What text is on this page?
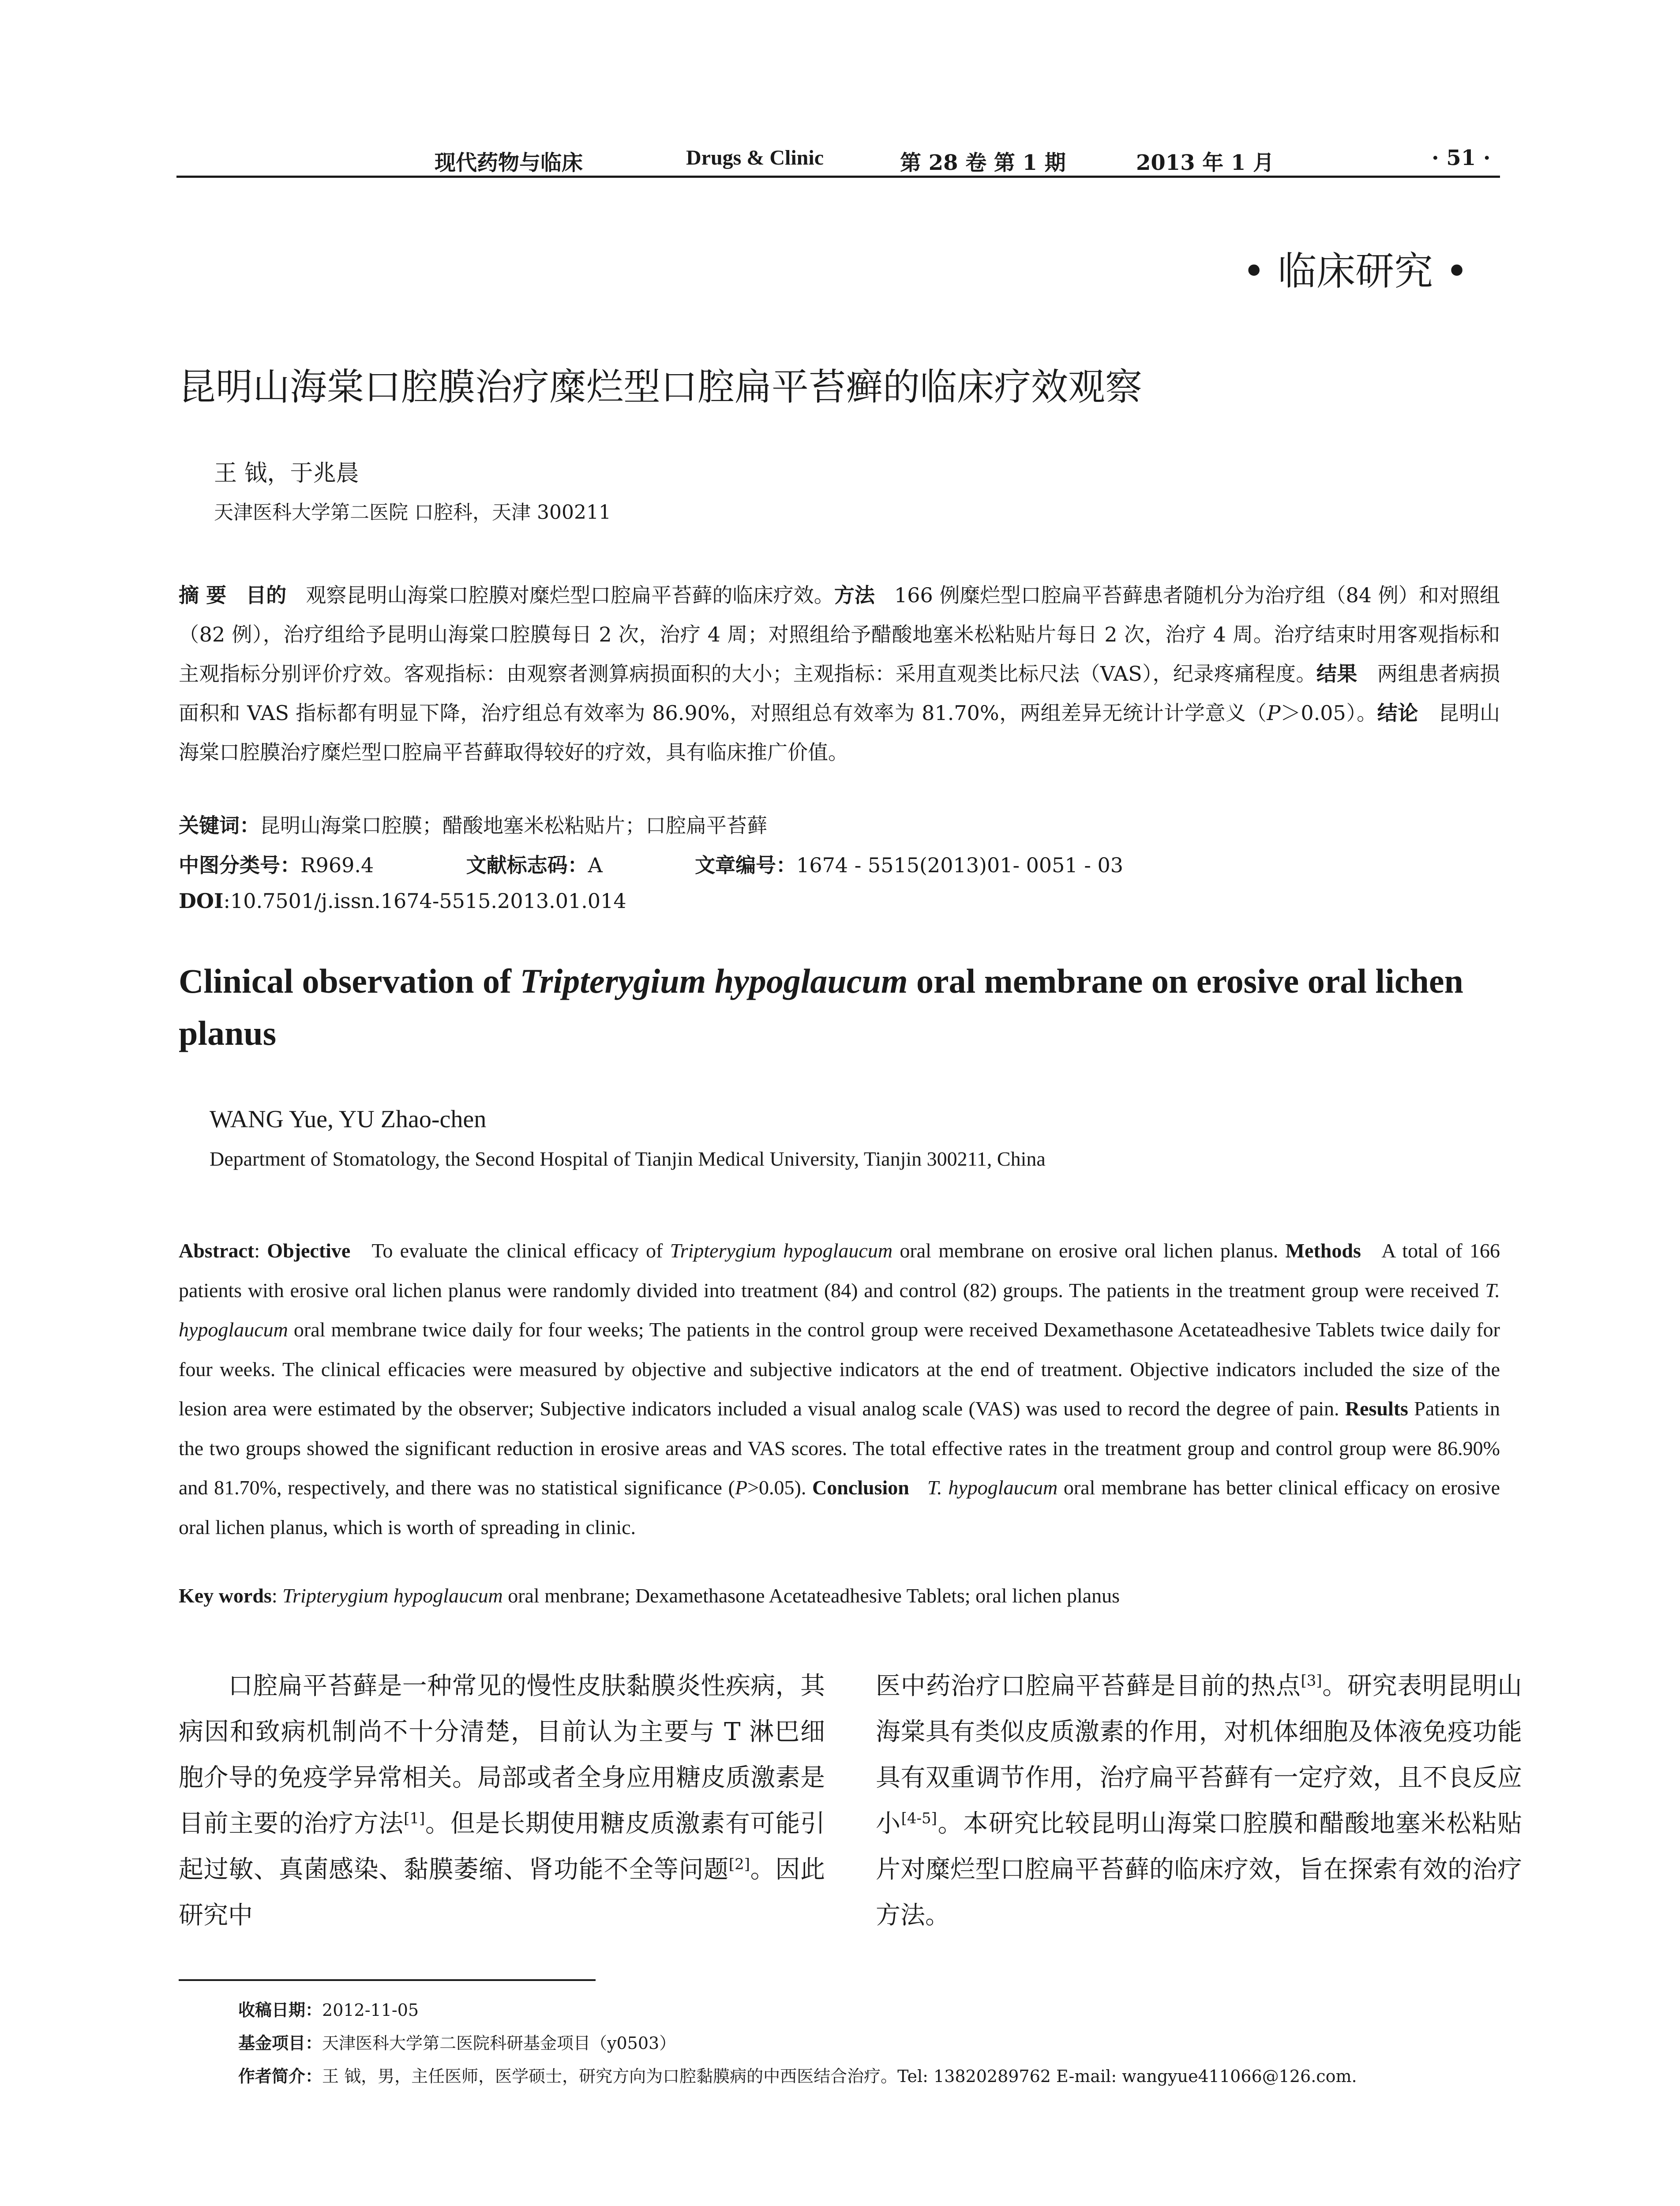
现代药物与临床	Drugs & Clinic	第 28 卷 第 1 期	2013 年 1 月	· 51 ·
• 临床研究 •
昆明山海棠口腔膜治疗糜烂型口腔扁平苔癣的临床疗效观察
王 钺，于兆晨
天津医科大学第二医院 口腔科，天津 300211
摘 要 目的 观察昆明山海棠口腔膜对糜烂型口腔扁平苔藓的临床疗效。方法 166 例糜烂型口腔扁平苔藓患者随机分为治疗组（84 例）和对照组（82 例），治疗组给予昆明山海棠口腔膜每日 2 次，治疗 4 周；对照组给予醋酸地塞米松粘贴片每日 2 次，治疗 4 周。治疗结束时用客观指标和主观指标分别评价疗效。客观指标：由观察者测算病损面积的大小；主观指标：采用直观类比标尺法（VAS），纪录疼痛程度。结果 两组患者病损面积和 VAS 指标都有明显下降，治疗组总有效率为 86.90%，对照组总有效率为 81.70%，两组差异无统计计学意义（P＞0.05）。结论 昆明山海棠口腔膜治疗糜烂型口腔扁平苔藓取得较好的疗效，具有临床推广价值。
关键词：昆明山海棠口腔膜；醋酸地塞米松粘贴片；口腔扁平苔藓
中图分类号：R969.4	文献标志码：A	文章编号：1674 - 5515(2013)01- 0051 - 03
DOI:10.7501/j.issn.1674-5515.2013.01.014
Clinical observation of Tripterygium hypoglaucum oral membrane on erosive oral lichen planus
WANG Yue, YU Zhao-chen
Department of Stomatology, the Second Hospital of Tianjin Medical University, Tianjin 300211, China
Abstract: Objective To evaluate the clinical efficacy of Tripterygium hypoglaucum oral membrane on erosive oral lichen planus. Methods A total of 166 patients with erosive oral lichen planus were randomly divided into treatment (84) and control (82) groups. The patients in the treatment group were received T. hypoglaucum oral membrane twice daily for four weeks; The patients in the control group were received Dexamethasone Acetateadhesive Tablets twice daily for four weeks. The clinical efficacies were measured by objective and subjective indicators at the end of treatment. Objective indicators included the size of the lesion area were estimated by the observer; Subjective indicators included a visual analog scale (VAS) was used to record the degree of pain. Results Patients in the two groups showed the significant reduction in erosive areas and VAS scores. The total effective rates in the treatment group and control group were 86.90% and 81.70%, respectively, and there was no statistical significance (P>0.05). Conclusion T. hypoglaucum oral membrane has better clinical efficacy on erosive oral lichen planus, which is worth of spreading in clinic.
Key words: Tripterygium hypoglaucum oral menbrane; Dexamethasone Acetateadhesive Tablets; oral lichen planus
口腔扁平苔藓是一种常见的慢性皮肤黏膜炎性疾病，其病因和致病机制尚不十分清楚，目前认为主要与 T 淋巴细胞介导的免疫学异常相关。局部或者全身应用糖皮质激素是目前主要的治疗方法[1]。但是长期使用糖皮质激素有可能引起过敏、真菌感染、黏膜萎缩、肾功能不全等问题[2]。因此研究中
医中药治疗口腔扁平苔藓是目前的热点[3]。研究表明昆明山海棠具有类似皮质激素的作用，对机体细胞及体液免疫功能具有双重调节作用，治疗扁平苔藓有一定疗效，且不良反应小[4-5]。本研究比较昆明山海棠口腔膜和醋酸地塞米松粘贴片对糜烂型口腔扁平苔藓的临床疗效，旨在探索有效的治疗方法。
收稿日期：2012-11-05
基金项目：天津医科大学第二医院科研基金项目（y0503）
作者简介：王 钺，男，主任医师，医学硕士，研究方向为口腔黏膜病的中西医结合治疗。Tel: 13820289762 E-mail: wangyue411066@126.com.
